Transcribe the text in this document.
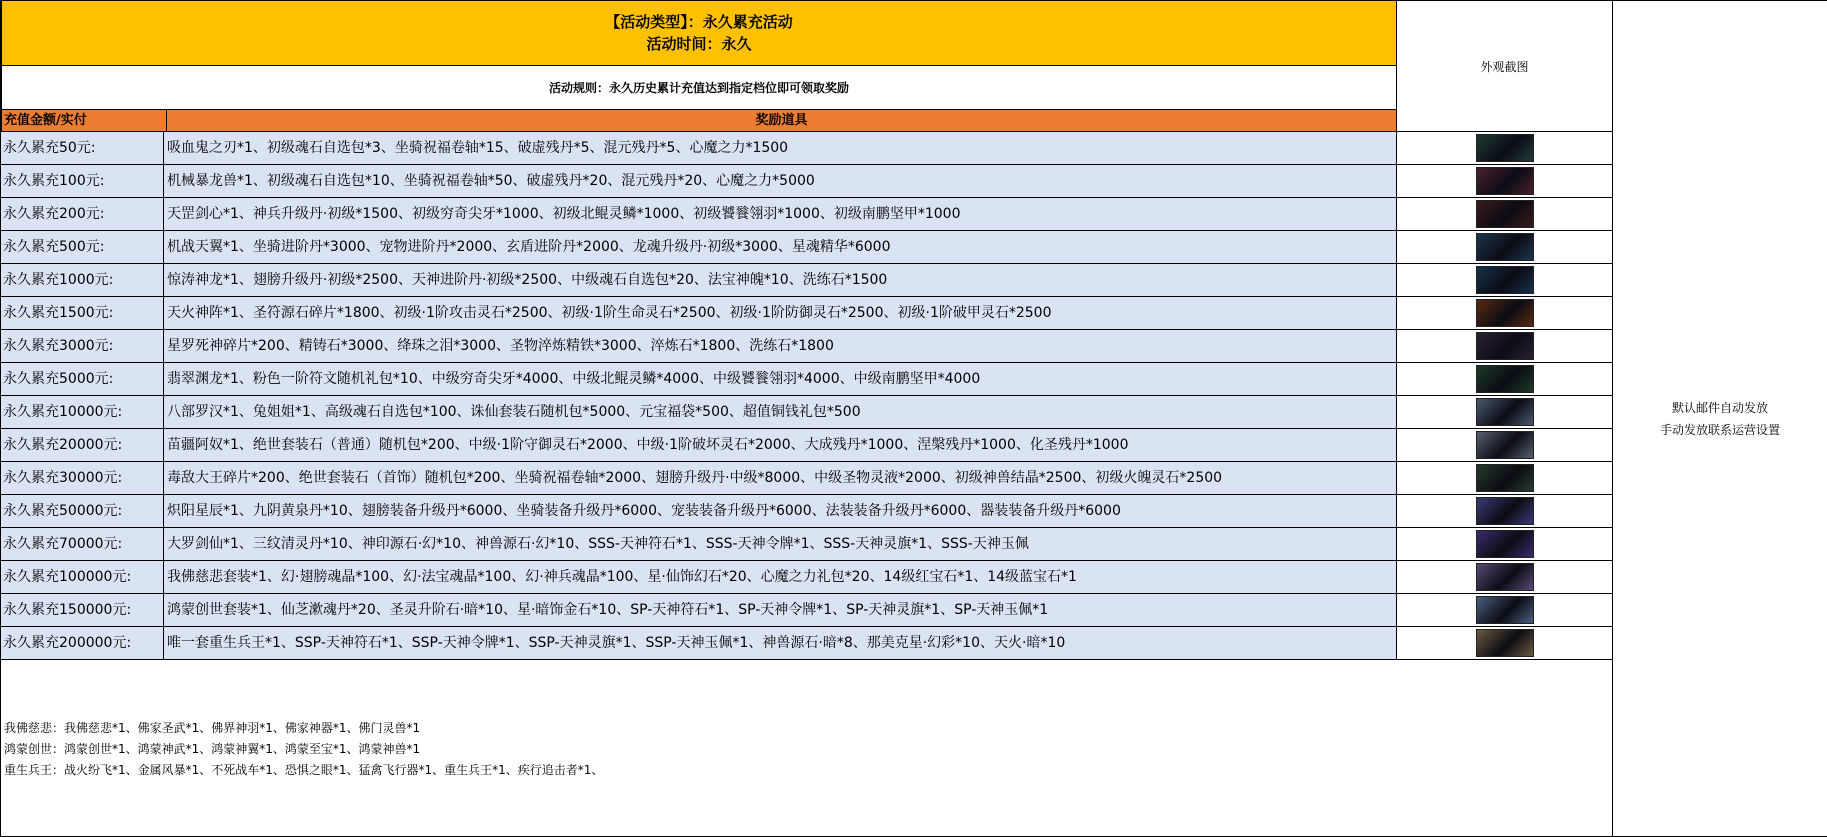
【活动类型】：永久累充活动
活动时间：永久
活动规则：永久历史累计充值达到指定档位即可领取奖励
外观截图
默认邮件自动发放
手动发放联系运营设置
充值金额/实付	奖励道具
永久累充50元:	吸血鬼之刃*1、初级魂石自选包*3、坐骑祝福卷轴*15、破虚残丹*5、混元残丹*5、心魔之力*1500
永久累充100元:	机械暴龙兽*1、初级魂石自选包*10、坐骑祝福卷轴*50、破虚残丹*20、混元残丹*20、心魔之力*5000
永久累充200元:	天罡剑心*1、神兵升级丹·初级*1500、初级穷奇尖牙*1000、初级北鲲灵鳞*1000、初级饕餮翎羽*1000、初级南鹏坚甲*1000
永久累充500元:	机战天翼*1、坐骑进阶丹*3000、宠物进阶丹*2000、玄盾进阶丹*2000、龙魂升级丹·初级*3000、星魂精华*6000
永久累充1000元:	惊涛神龙*1、翅膀升级丹·初级*2500、天神进阶丹·初级*2500、中级魂石自选包*20、法宝神魄*10、洗练石*1500
永久累充1500元:	天火神阵*1、圣符源石碎片*1800、初级·1阶攻击灵石*2500、初级·1阶生命灵石*2500、初级·1阶防御灵石*2500、初级·1阶破甲灵石*2500
永久累充3000元:	星罗死神碎片*200、精铸石*3000、绛珠之泪*3000、圣物淬炼精铁*3000、淬炼石*1800、洗练石*1800
永久累充5000元:	翡翠渊龙*1、粉色一阶符文随机礼包*10、中级穷奇尖牙*4000、中级北鲲灵鳞*4000、中级饕餮翎羽*4000、中级南鹏坚甲*4000
永久累充10000元:	八部罗汉*1、兔姐姐*1、高级魂石自选包*100、诛仙套装石随机包*5000、元宝福袋*500、超值铜钱礼包*500
永久累充20000元:	苗疆阿奴*1、绝世套装石（普通）随机包*200、中级·1阶守御灵石*2000、中级·1阶破坏灵石*2000、大成残丹*1000、涅槃残丹*1000、化圣残丹*1000
永久累充30000元:	毒敌大王碎片*200、绝世套装石（首饰）随机包*200、坐骑祝福卷轴*2000、翅膀升级丹·中级*8000、中级圣物灵液*2000、初级神兽结晶*2500、初级火魄灵石*2500
永久累充50000元:	炽阳星辰*1、九阴黄泉丹*10、翅膀装备升级丹*6000、坐骑装备升级丹*6000、宠装装备升级丹*6000、法装装备升级丹*6000、器装装备升级丹*6000
永久累充70000元:	大罗剑仙*1、三纹清灵丹*10、神印源石·幻*10、神兽源石·幻*10、SSS-天神符石*1、SSS-天神令牌*1、SSS-天神灵旗*1、SSS-天神玉佩
永久累充100000元:	我佛慈悲套装*1、幻·翅膀魂晶*100、幻·法宝魂晶*100、幻·神兵魂晶*100、星·仙饰幻石*20、心魔之力礼包*20、14级红宝石*1、14级蓝宝石*1
永久累充150000元:	鸿蒙创世套装*1、仙芝漱魂丹*20、圣灵升阶石·暗*10、星·暗饰金石*10、SP-天神符石*1、SP-天神令牌*1、SP-天神灵旗*1、SP-天神玉佩*1
永久累充200000元:	唯一套重生兵王*1、SSP-天神符石*1、SSP-天神令牌*1、SSP-天神灵旗*1、SSP-天神玉佩*1、神兽源石·暗*8、那美克星·幻彩*10、天火·暗*10
我佛慈悲：我佛慈悲*1、佛家圣武*1、佛界神羽*1、佛家神器*1、佛门灵兽*1
鸿蒙创世：鸿蒙创世*1、鸿蒙神武*1、鸿蒙神翼*1、鸿蒙至宝*1、鸿蒙神兽*1
重生兵王：战火纷飞*1、金属风暴*1、不死战车*1、恐惧之眼*1、猛禽飞行器*1、重生兵王*1、疾行追击者*1、
